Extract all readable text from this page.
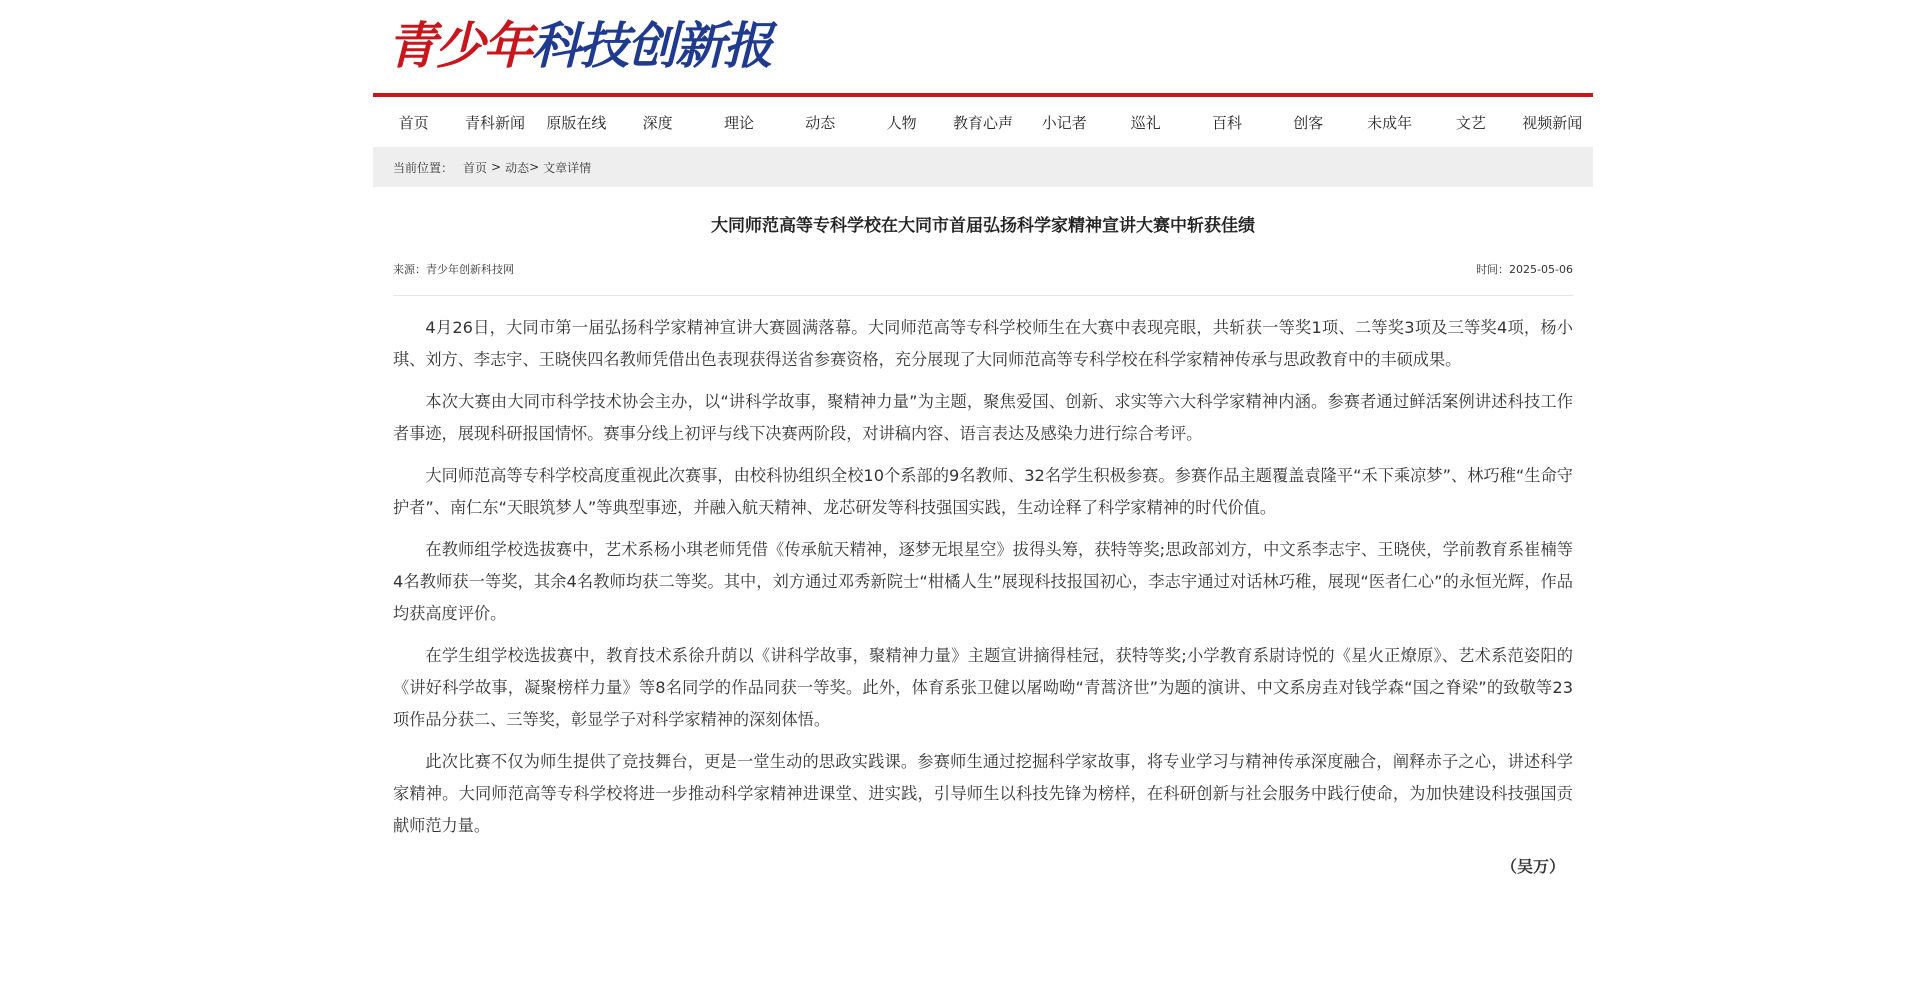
青少年科技创新报
首页	青科新闻	原版在线	深度	理论	动态	人物	教育心声	小记者	巡礼	百科	创客	未成年	文艺	视频新闻
当前位置： 首页 > 动态 > 文章详情
大同师范高等专科学校在大同市首届弘扬科学家精神宣讲大赛中斩获佳绩
来源：青少年创新科技网	时间：2025-05-06

4月26日，大同市第一届弘扬科学家精神宣讲大赛圆满落幕。大同师范高等专科学校师生在大赛中表现亮眼，共斩获一等奖1项、二等奖3项及三等奖4项，杨小琪、刘方、李志宇、王晓侠四名教师凭借出色表现获得送省参赛资格，充分展现了大同师范高等专科学校在科学家精神传承与思政教育中的丰硕成果。

本次大赛由大同市科学技术协会主办，以“讲科学故事，聚精神力量”为主题，聚焦爱国、创新、求实等六大科学家精神内涵。参赛者通过鲜活案例讲述科技工作者事迹，展现科研报国情怀。赛事分线上初评与线下决赛两阶段，对讲稿内容、语言表达及感染力进行综合考评。

大同师范高等专科学校高度重视此次赛事，由校科协组织全校10个系部的9名教师、32名学生积极参赛。参赛作品主题覆盖袁隆平“禾下乘凉梦”、林巧稚“生命守护者”、南仁东“天眼筑梦人”等典型事迹，并融入航天精神、龙芯研发等科技强国实践，生动诠释了科学家精神的时代价值。

在教师组学校选拔赛中，艺术系杨小琪老师凭借《传承航天精神，逐梦无垠星空》拔得头筹，获特等奖;思政部刘方，中文系李志宇、王晓侠，学前教育系崔楠等4名教师获一等奖，其余4名教师均获二等奖。其中，刘方通过邓秀新院士“柑橘人生”展现科技报国初心，李志宇通过对话林巧稚，展现“医者仁心”的永恒光辉，作品均获高度评价。

在学生组学校选拔赛中，教育技术系徐升荫以《讲科学故事，聚精神力量》主题宣讲摘得桂冠，获特等奖;小学教育系尉诗悦的《星火正燎原》、艺术系范姿阳的《讲好科学故事，凝聚榜样力量》等8名同学的作品同获一等奖。此外，体育系张卫健以屠呦呦“青蒿济世”为题的演讲、中文系房垚对钱学森“国之脊梁”的致敬等23项作品分获二、三等奖，彰显学子对科学家精神的深刻体悟。

此次比赛不仅为师生提供了竞技舞台，更是一堂生动的思政实践课。参赛师生通过挖掘科学家故事，将专业学习与精神传承深度融合，阐释赤子之心，讲述科学家精神。大同师范高等专科学校将进一步推动科学家精神进课堂、进实践，引导师生以科技先锋为榜样，在科研创新与社会服务中践行使命，为加快建设科技强国贡献师范力量。

（吴万）
